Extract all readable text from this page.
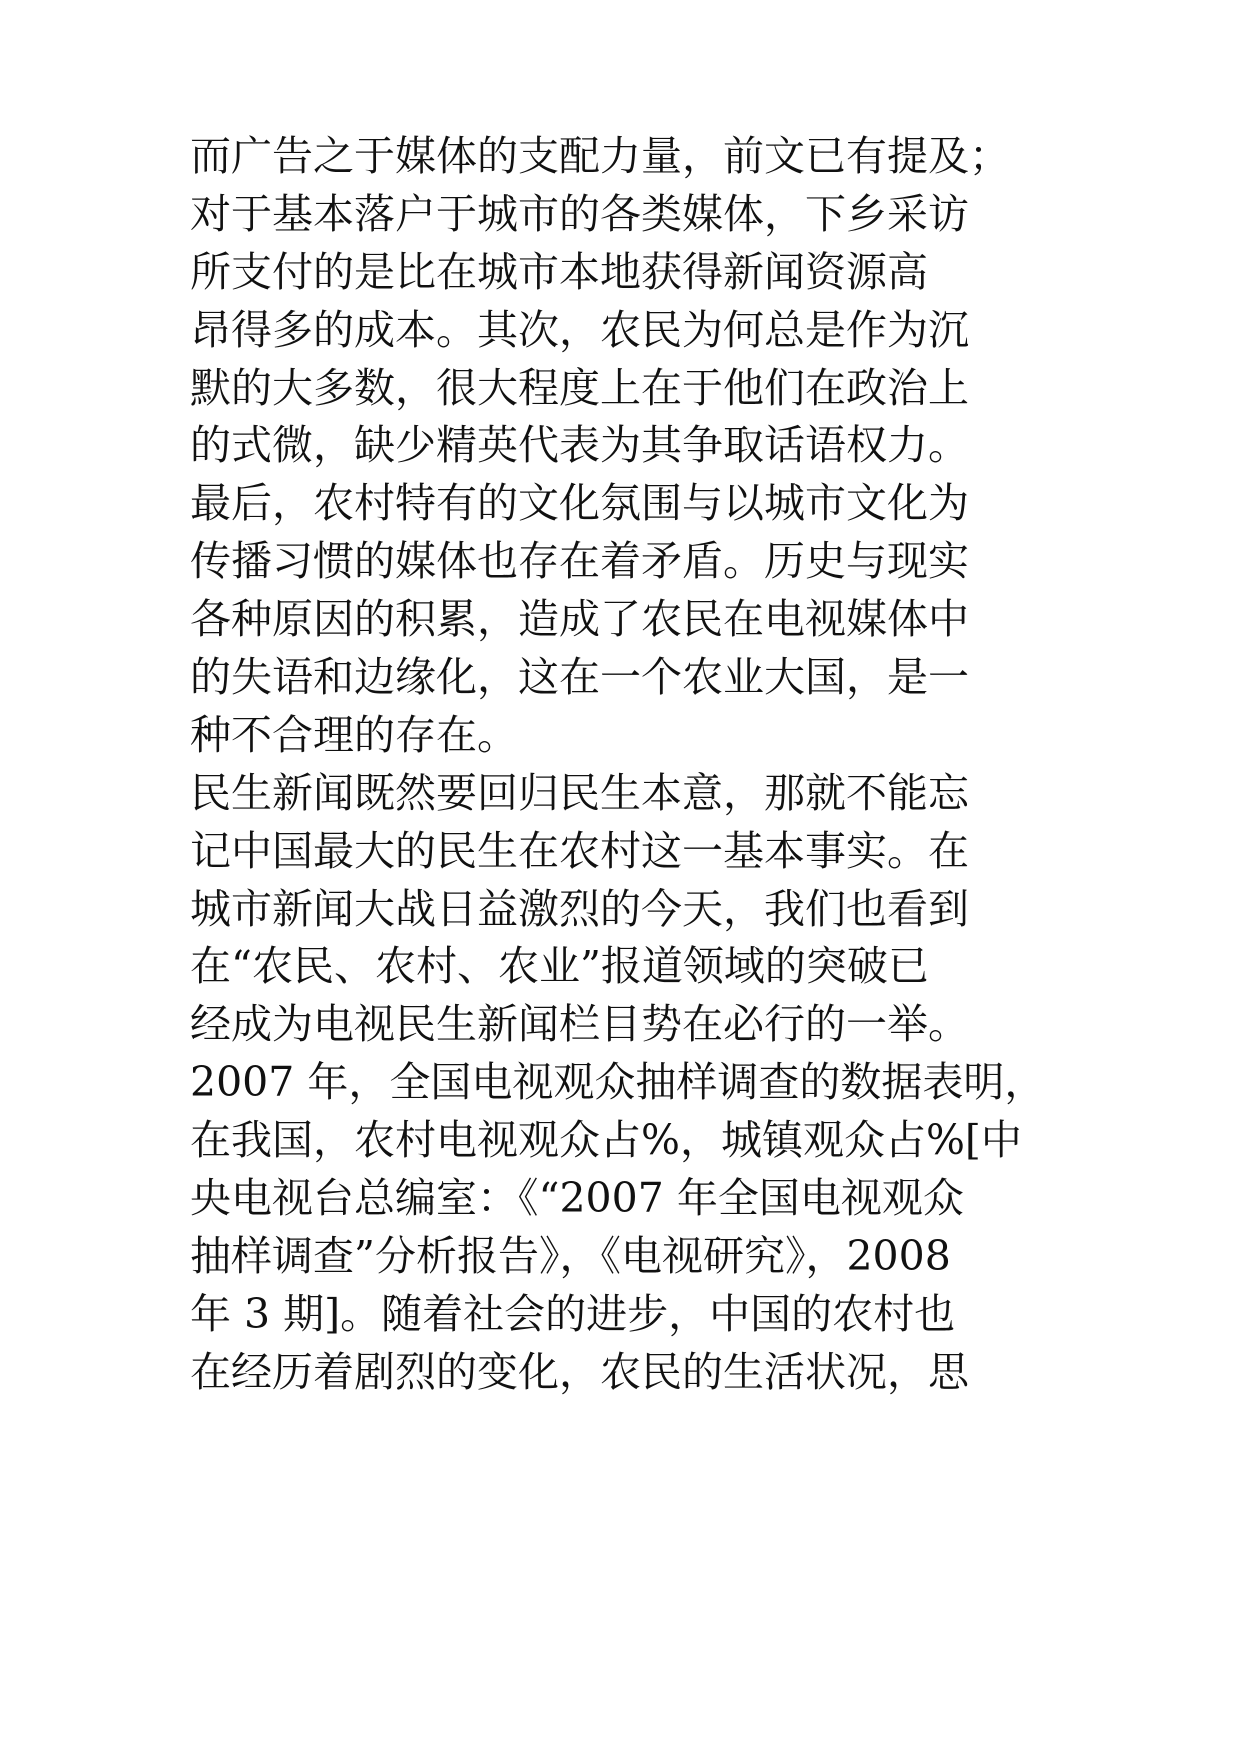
而广告之于媒体的支配力量，前文已有提及；
对于基本落户于城市的各类媒体，下乡采访
所支付的是比在城市本地获得新闻资源高
昂得多的成本。其次，农民为何总是作为沉
默的大多数，很大程度上在于他们在政治上
的式微，缺少精英代表为其争取话语权力。
最后，农村特有的文化氛围与以城市文化为
传播习惯的媒体也存在着矛盾。历史与现实
各种原因的积累，造成了农民在电视媒体中
的失语和边缘化，这在一个农业大国，是一
种不合理的存在。
民生新闻既然要回归民生本意，那就不能忘
记中国最大的民生在农村这一基本事实。在
城市新闻大战日益激烈的今天，我们也看到
在“农民、农村、农业”报道领域的突破已
经成为电视民生新闻栏目势在必行的一举。
2007 年，全国电视观众抽样调查的数据表明，
在我国，农村电视观众占%，城镇观众占%[中
央电视台总编室：《“2007 年全国电视观众
抽样调查”分析报告》，《电视研究》，2008
年 3 期]。随着社会的进步，中国的农村也
在经历着剧烈的变化，农民的生活状况，思
